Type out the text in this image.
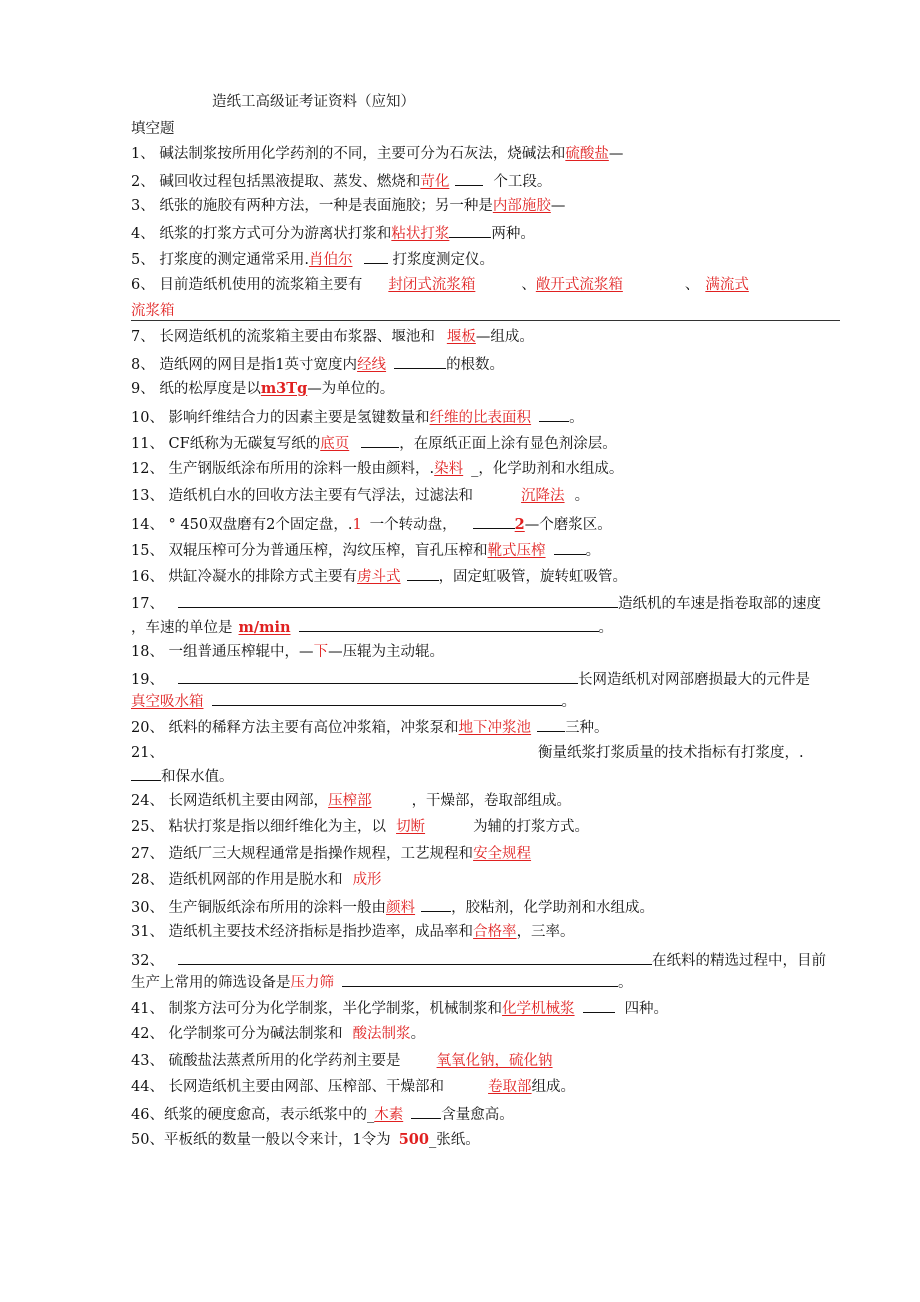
造纸工高级证考证资料（应知）
填空题
1、 碱法制浆按所用化学药剂的不同，主要可分为石灰法，烧碱法和硫酸盐—
2、 碱回收过程包括黑液提取、蒸发、燃烧和苛化	个工段。
3、 纸张的施胶有两种方法，一种是表面施胶；另一种是内部施胶—
4、 纸浆的打浆方式可分为游离状打浆和粘状打浆	两种。
5、 打浆度的测定通常采用.肖伯尔	打浆度测定仪。
6、 目前造纸机使用的流浆箱主要有 封闭式流浆箱	、敞开式流浆箱	、 满流式
流浆箱
7、 长网造纸机的流浆箱主要由布浆器、堰池和 堰板—组成。
8、 造纸网的网目是指1英寸宽度内经线	的根数。
9、 纸的松厚度是以m3Tg—为单位的。
10、 影响纤维结合力的因素主要是氢键数量和纤维的比表面积	。
11、 CF纸称为无碳复写纸的底页	，在原纸正面上涂有显色剂涂层。
12、 生产钢版纸涂布所用的涂料一般由颜料，.染料 _，化学助剂和水组成。
13、 造纸机白水的回收方法主要有气浮法，过滤法和	沉降法 。
14、 ° 450双盘磨有2个固定盘，.1 一个转动盘，	2—个磨浆区。
15、 双辊压榨可分为普通压榨，沟纹压榨，盲孔压榨和靴式压榨	。
16、 烘缸冷凝水的排除方式主要有虏斗式	，固定虹吸管，旋转虹吸管。
17、	造纸机的车速是指卷取部的速度
，车速的单位是 m/min	。
18、 一组普通压榨辊中，—下—压辊为主动辊。
19、	长网造纸机对网部磨损最大的元件是
真空吸水箱	。
20、 纸料的稀释方法主要有高位冲浆箱，冲浆泵和地下冲浆池 三种。
21、	衡量纸浆打浆质量的技术指标有打浆度，.
和保水值。
24、 长网造纸机主要由网部，压榨部	，干燥部，卷取部组成。
25、 粘状打浆是指以细纤维化为主，以 切断	为辅的打浆方式。
27、 造纸厂三大规程通常是指操作规程，工艺规程和安全规程
28、 造纸机网部的作用是脱水和 成形
30、 生产铜版纸涂布所用的涂料一般由颜料 ，胶粘剂，化学助剂和水组成。
31、 造纸机主要技术经济指标是指抄造率，成品率和合格率，三率。
32、	在纸料的精选过程中，目前
生产上常用的筛选设备是压力筛	。
41、 制浆方法可分为化学制浆，半化学制浆，机械制浆和化学机械浆	四种。
42、 化学制浆可分为碱法制浆和 酸法制浆。
43、 硫酸盐法蒸煮所用的化学药剂主要是 氧氧化钠，硫化钠
44、 长网造纸机主要由网部、压榨部、干燥部和	卷取部组成。
46、纸浆的硬度愈高，表示纸浆中的_木素	含量愈高。
50、平板纸的数量一般以令来计，1令为 500_张纸。
